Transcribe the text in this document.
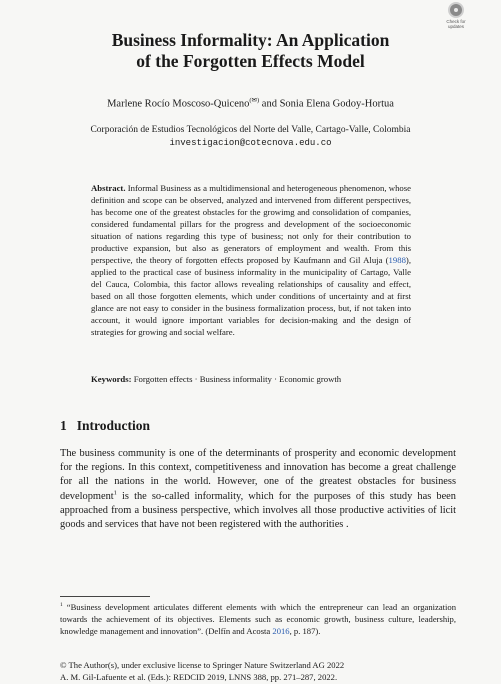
Check for updates
Business Informality: An Application
of the Forgotten Effects Model
Marlene Rocío Moscoso-Quiceno(✉) and Sonia Elena Godoy-Hortua
Corporación de Estudios Tecnológicos del Norte del Valle, Cartago-Valle, Colombia
investigacion@cotecnova.edu.co
Abstract. Informal Business as a multidimensional and heterogeneous phenomenon, whose definition and scope can be observed, analyzed and intervened from different perspectives, has become one of the greatest obstacles for the growimg and consolidation of companies, considered fundamental pillars for the progress and development of the socioeconomic situation of nations regarding this type of business; not only for their contribution to productive expansion, but also as generators of employment and wealth. From this perspective, the theory of forgotten effects proposed by Kaufmann and Gil Aluja (1988), applied to the practical case of business informality in the municipality of Cartago, Valle del Cauca, Colombia, this factor allows revealing relationships of causality and effect, based on all those forgotten elements, which under conditions of uncertainty and at first glance are not easy to consider in the business formalization process, but, if not taken into account, it would ignore important variables for decision-making and the design of strategies for growing and social welfare.
Keywords: Forgotten effects · Business informality · Economic growth
1 Introduction
The business community is one of the determinants of prosperity and economic development for the regions. In this context, competitiveness and innovation has become a great challenge for all the nations in the world. However, one of the greatest obstacles for business development$^1$ is the so-called informality, which for the purposes of this study has been approached from a business perspective, which involves all those productive activities of licit goods and services that have not been registered with the authorities .
$^1$ “Business development articulates different elements with which the entrepreneur can lead an organization towards the achievement of its objectives. Elements such as economic growth, business culture, leadership, knowledge management and innovation”. (Delfín and Acosta 2016, p. 187).
© The Author(s), under exclusive license to Springer Nature Switzerland AG 2022
A. M. Gil-Lafuente et al. (Eds.): REDCID 2019, LNNS 388, pp. 271–287, 2022.
